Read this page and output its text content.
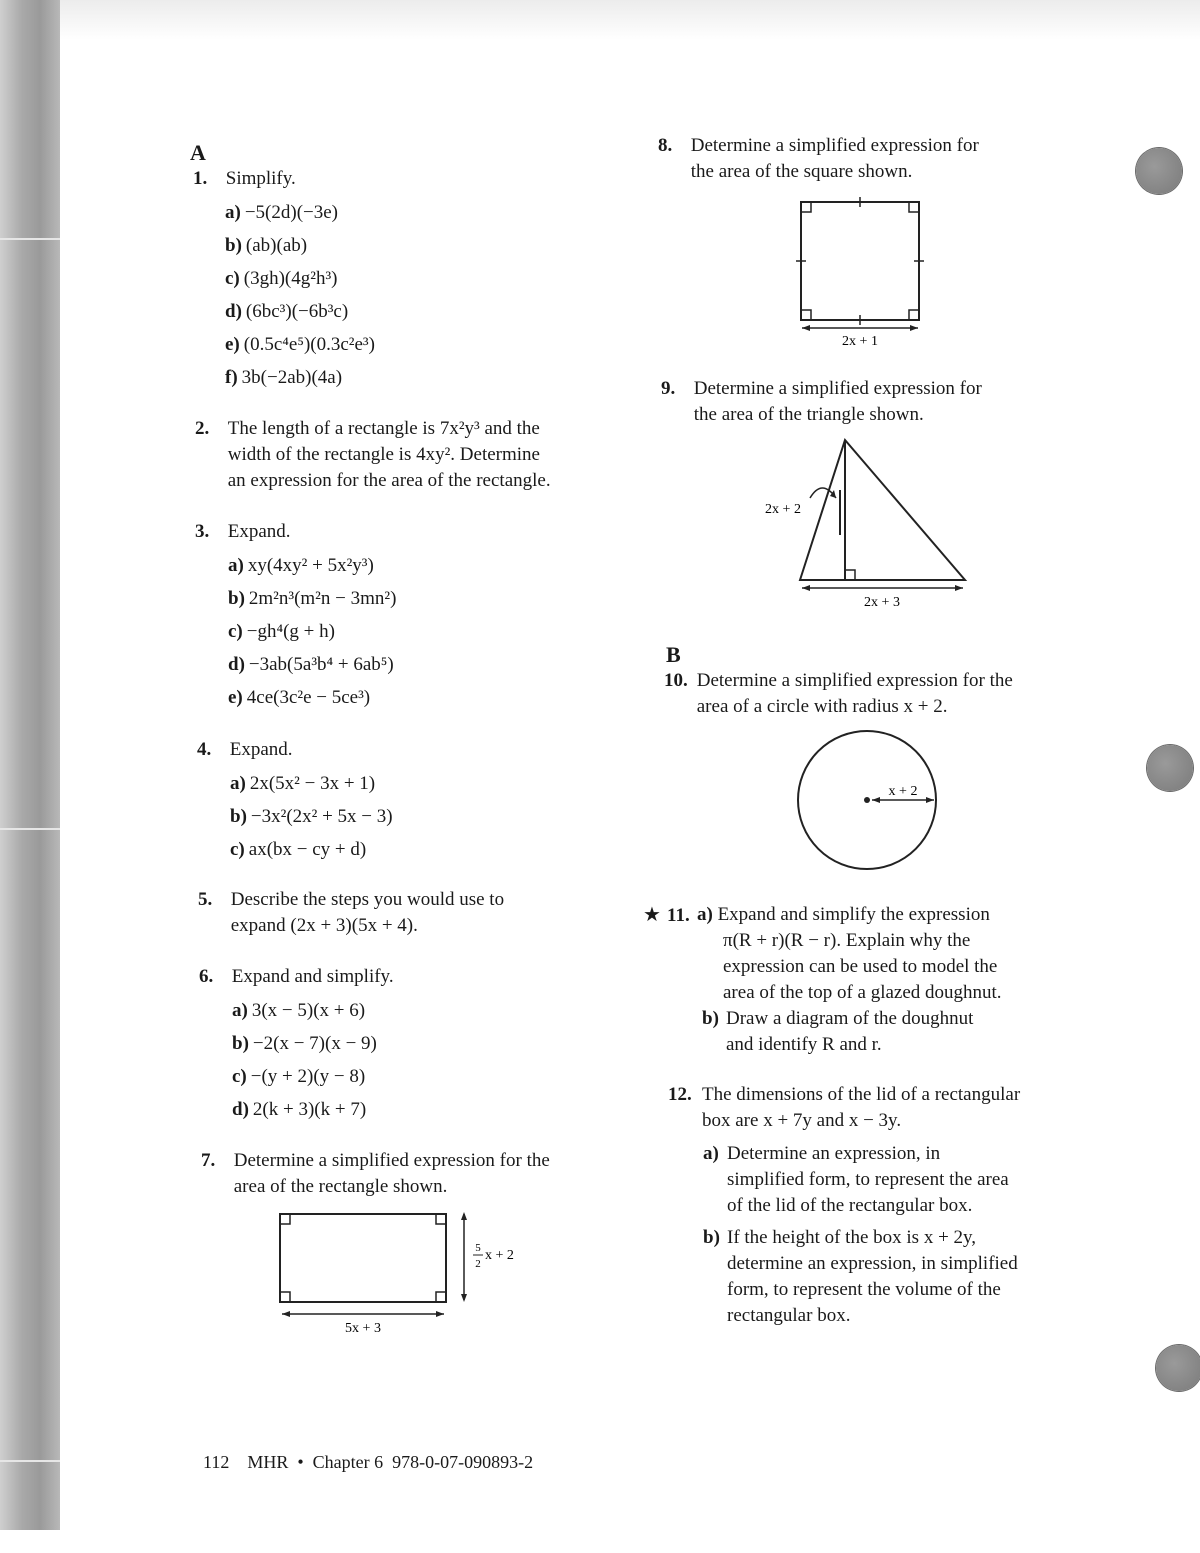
A
1. Simplify.
a) −5(2d)(−3e)
b) (ab)(ab)
c) (3gh)(4g²h³)
d) (6bc³)(−6b³c)
e) (0.5c⁴e⁵)(0.3c²e³)
f) 3b(−2ab)(4a)
2. The length of a rectangle is 7x²y³ and the
width of the rectangle is 4xy². Determine
an expression for the area of the rectangle.
3. Expand.
a) xy(4xy² + 5x²y³)
b) 2m²n³(m²n − 3mn²)
c) −gh⁴(g + h)
d) −3ab(5a³b⁴ + 6ab⁵)
e) 4ce(3c²e − 5ce³)
4. Expand.
a) 2x(5x² − 3x + 1)
b) −3x²(2x² + 5x − 3)
c) ax(bx − cy + d)
5. Describe the steps you would use to
expand (2x + 3)(5x + 4).
6. Expand and simplify.
a) 3(x − 5)(x + 6)
b) −2(x − 7)(x − 9)
c) −(y + 2)(y − 8)
d) 2(k + 3)(k + 7)
7. Determine a simplified expression for the
area of the rectangle shown.
5x + 3
5
2
x + 2
8. Determine a simplified expression for
the area of the square shown.
2x + 1
9. Determine a simplified expression for
the area of the triangle shown.
2x + 2
2x + 3
B
10. Determine a simplified expression for the
area of a circle with radius x + 2.
x + 2
★ 11. a) Expand and simplify the expression
π(R + r)(R − r). Explain why the
expression can be used to model the
area of the top of a glazed doughnut.
b) Draw a diagram of the doughnut
and identify R and r.
12. The dimensions of the lid of a rectangular
box are x + 7y and x − 3y.
a) Determine an expression, in
simplified form, to represent the area
of the lid of the rectangular box.
b) If the height of the box is x + 2y,
determine an expression, in simplified
form, to represent the volume of the
rectangular box.
112 MHR • Chapter 6 978-0-07-090893-2
